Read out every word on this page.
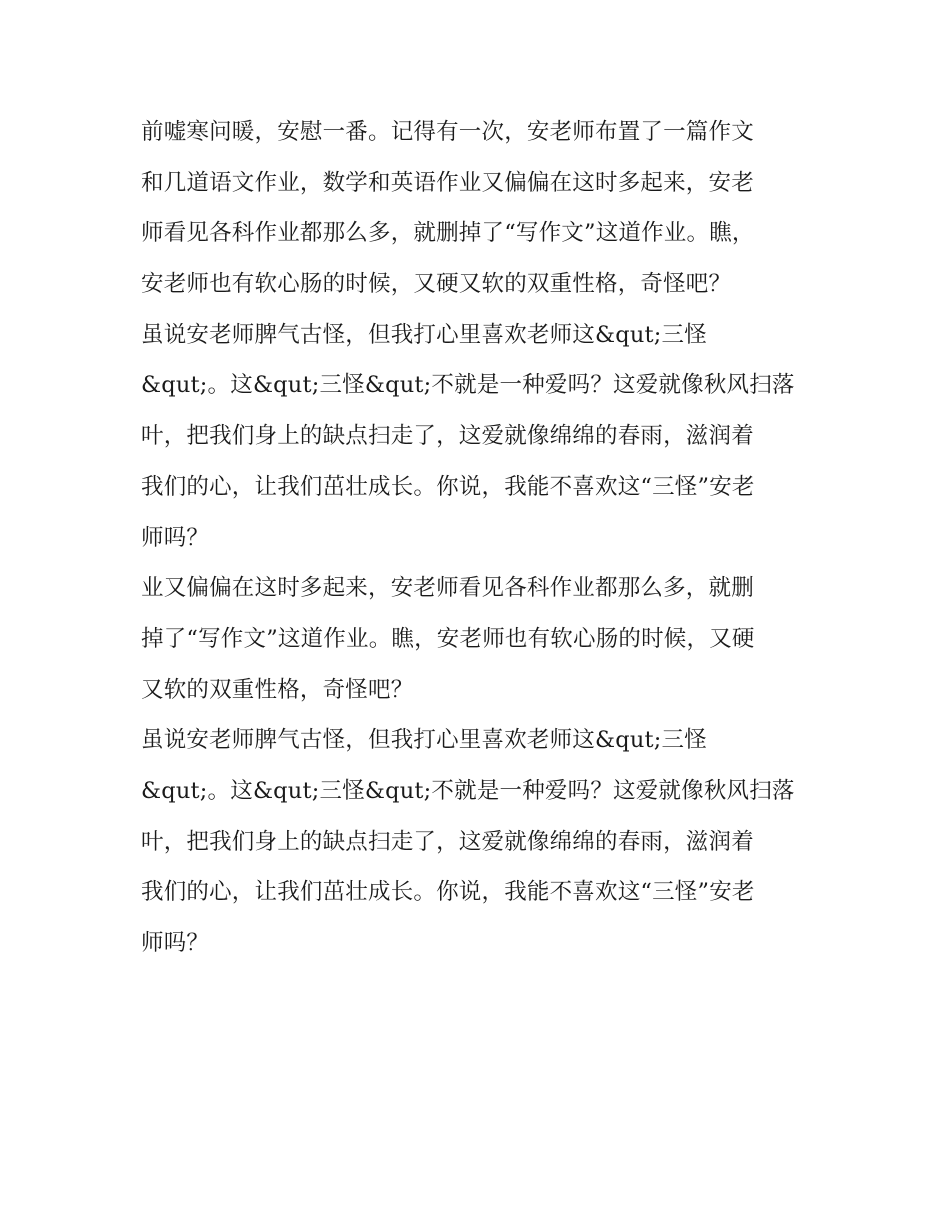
前嘘寒问暖，安慰一番。记得有一次，安老师布置了一篇作文

和几道语文作业，数学和英语作业又偏偏在这时多起来，安老

师看见各科作业都那么多，就删掉了“写作文”这道作业。瞧，

安老师也有软心肠的时候，又硬又软的双重性格，奇怪吧？

虽说安老师脾气古怪，但我打心里喜欢老师这&qut;三怪

&qut;。这&qut;三怪&qut;不就是一种爱吗？这爱就像秋风扫落

叶，把我们身上的缺点扫走了，这爱就像绵绵的春雨，滋润着

我们的心，让我们茁壮成长。你说，我能不喜欢这“三怪”安老

师吗？

业又偏偏在这时多起来，安老师看见各科作业都那么多，就删

掉了“写作文”这道作业。瞧，安老师也有软心肠的时候，又硬

又软的双重性格，奇怪吧？

虽说安老师脾气古怪，但我打心里喜欢老师这&qut;三怪

&qut;。这&qut;三怪&qut;不就是一种爱吗？这爱就像秋风扫落

叶，把我们身上的缺点扫走了，这爱就像绵绵的春雨，滋润着

我们的心，让我们茁壮成长。你说，我能不喜欢这“三怪”安老

师吗？
